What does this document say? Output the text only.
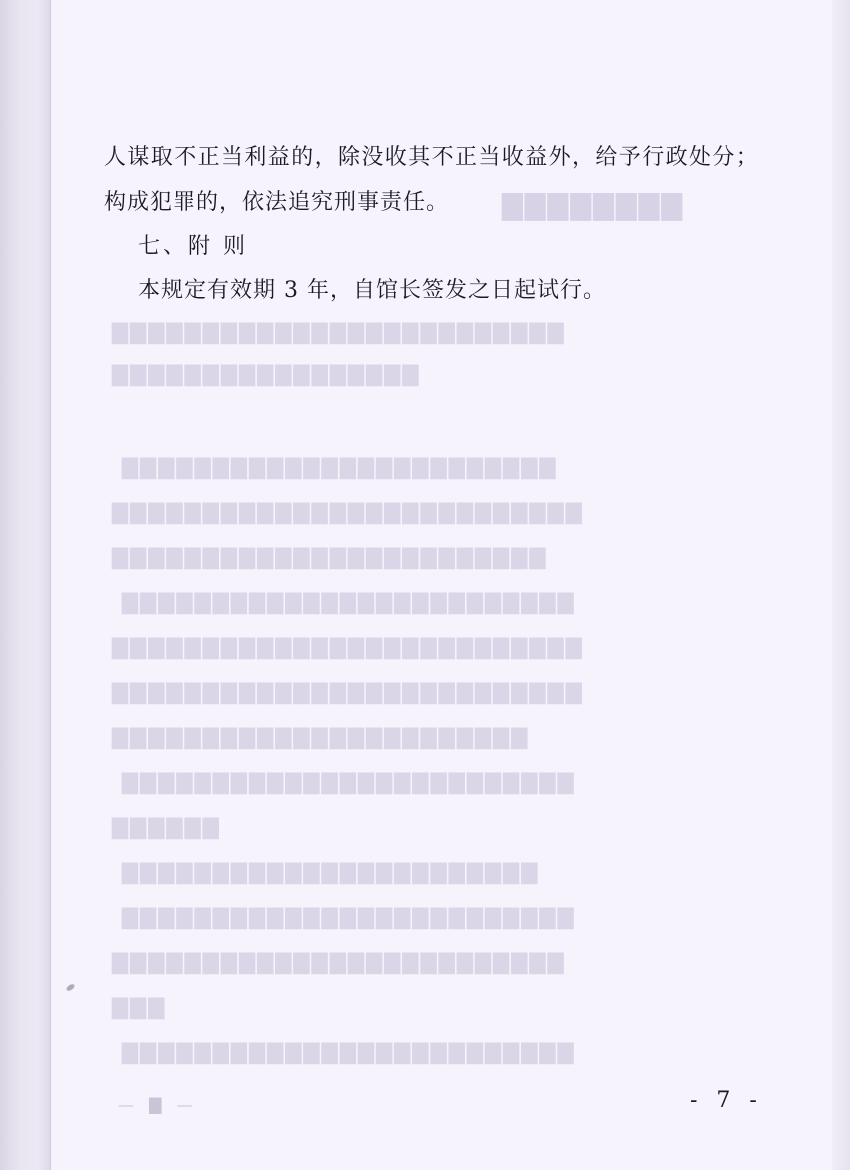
▇▇▇▇▇▇▇▇
▇▇▇▇▇▇▇▇▇▇▇▇▇▇▇▇▇▇▇▇▇▇▇▇▇
▇▇▇▇▇▇▇▇▇▇▇▇▇▇▇▇▇
▇▇▇▇▇▇▇▇▇▇▇▇▇▇▇▇▇▇▇▇▇▇▇▇
▇▇▇▇▇▇▇▇▇▇▇▇▇▇▇▇▇▇▇▇▇▇▇▇▇▇
▇▇▇▇▇▇▇▇▇▇▇▇▇▇▇▇▇▇▇▇▇▇▇▇
▇▇▇▇▇▇▇▇▇▇▇▇▇▇▇▇▇▇▇▇▇▇▇▇▇
▇▇▇▇▇▇▇▇▇▇▇▇▇▇▇▇▇▇▇▇▇▇▇▇▇▇
▇▇▇▇▇▇▇▇▇▇▇▇▇▇▇▇▇▇▇▇▇▇▇▇▇▇
▇▇▇▇▇▇▇▇▇▇▇▇▇▇▇▇▇▇▇▇▇▇▇
▇▇▇▇▇▇▇▇▇▇▇▇▇▇▇▇▇▇▇▇▇▇▇▇▇
▇▇▇▇▇▇
▇▇▇▇▇▇▇▇▇▇▇▇▇▇▇▇▇▇▇▇▇▇▇
▇▇▇▇▇▇▇▇▇▇▇▇▇▇▇▇▇▇▇▇▇▇▇▇▇
▇▇▇▇▇▇▇▇▇▇▇▇▇▇▇▇▇▇▇▇▇▇▇▇▇
▇▇▇
▇▇▇▇▇▇▇▇▇▇▇▇▇▇▇▇▇▇▇▇▇▇▇▇▇
— ▇ —
人谋取不正当利益的，除没收其不正当收益外，给予行政处分；
构成犯罪的，依法追究刑事责任。
七、附 则
本规定有效期 3 年，自馆长签发之日起试行。
- 7 -
